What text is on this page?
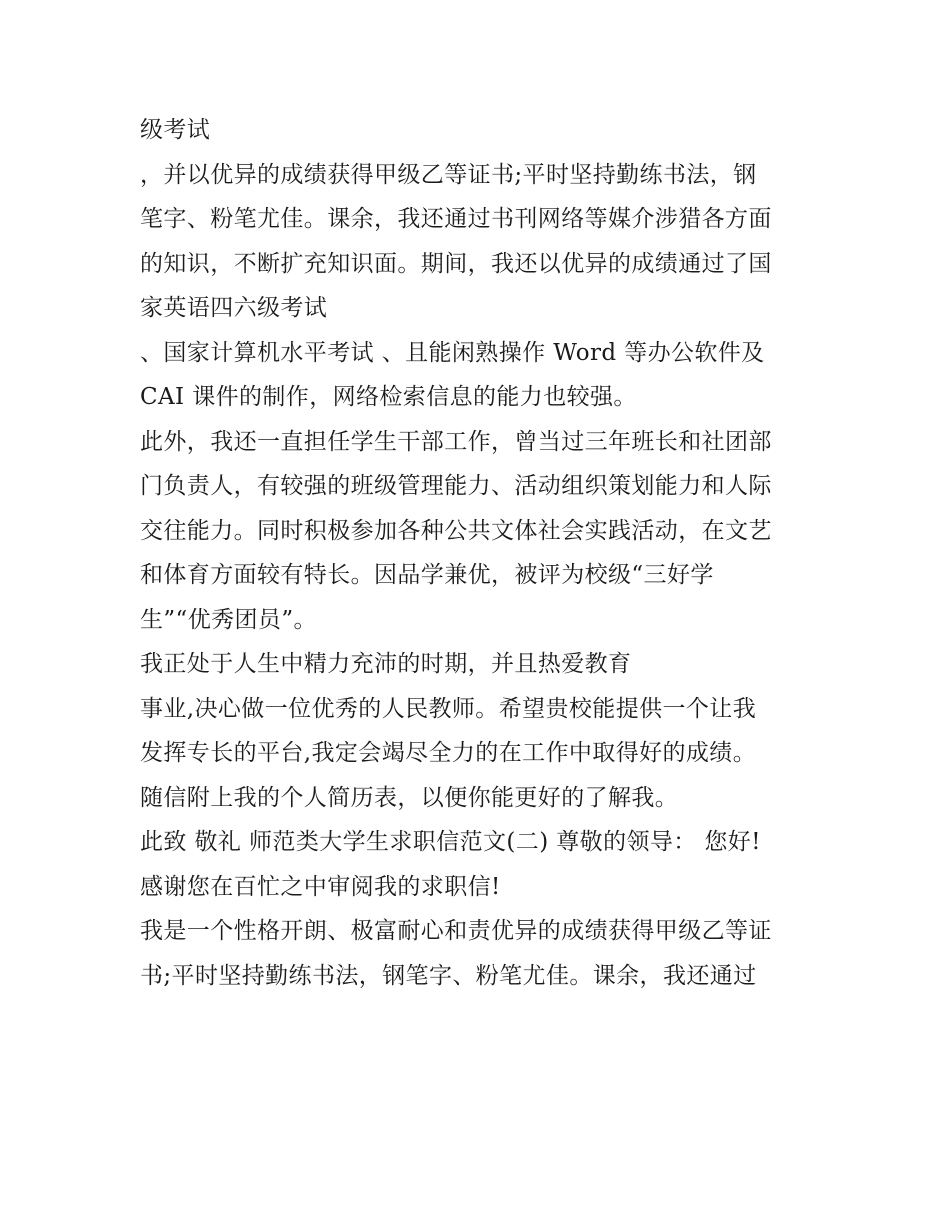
级考试
，并以优异的成绩获得甲级乙等证书;平时坚持勤练书法，钢
笔字、粉笔尤佳。课余，我还通过书刊网络等媒介涉猎各方面
的知识，不断扩充知识面。期间，我还以优异的成绩通过了国
家英语四六级考试
、国家计算机水平考试 、且能闲熟操作 Word 等办公软件及
CAI 课件的制作，网络检索信息的能力也较强。
此外，我还一直担任学生干部工作，曾当过三年班长和社团部
门负责人，有较强的班级管理能力、活动组织策划能力和人际
交往能力。同时积极参加各种公共文体社会实践活动，在文艺
和体育方面较有特长。因品学兼优，被评为校级“三好学
生”“优秀团员”。
我正处于人生中精力充沛的时期，并且热爱教育
事业,决心做一位优秀的人民教师。希望贵校能提供一个让我
发挥专长的平台,我定会竭尽全力的在工作中取得好的成绩。
随信附上我的个人简历表，以便你能更好的了解我。
此致 敬礼 师范类大学生求职信范文(二) 尊敬的领导： 您好!
感谢您在百忙之中审阅我的求职信!
我是一个性格开朗、极富耐心和责优异的成绩获得甲级乙等证
书;平时坚持勤练书法，钢笔字、粉笔尤佳。课余，我还通过
